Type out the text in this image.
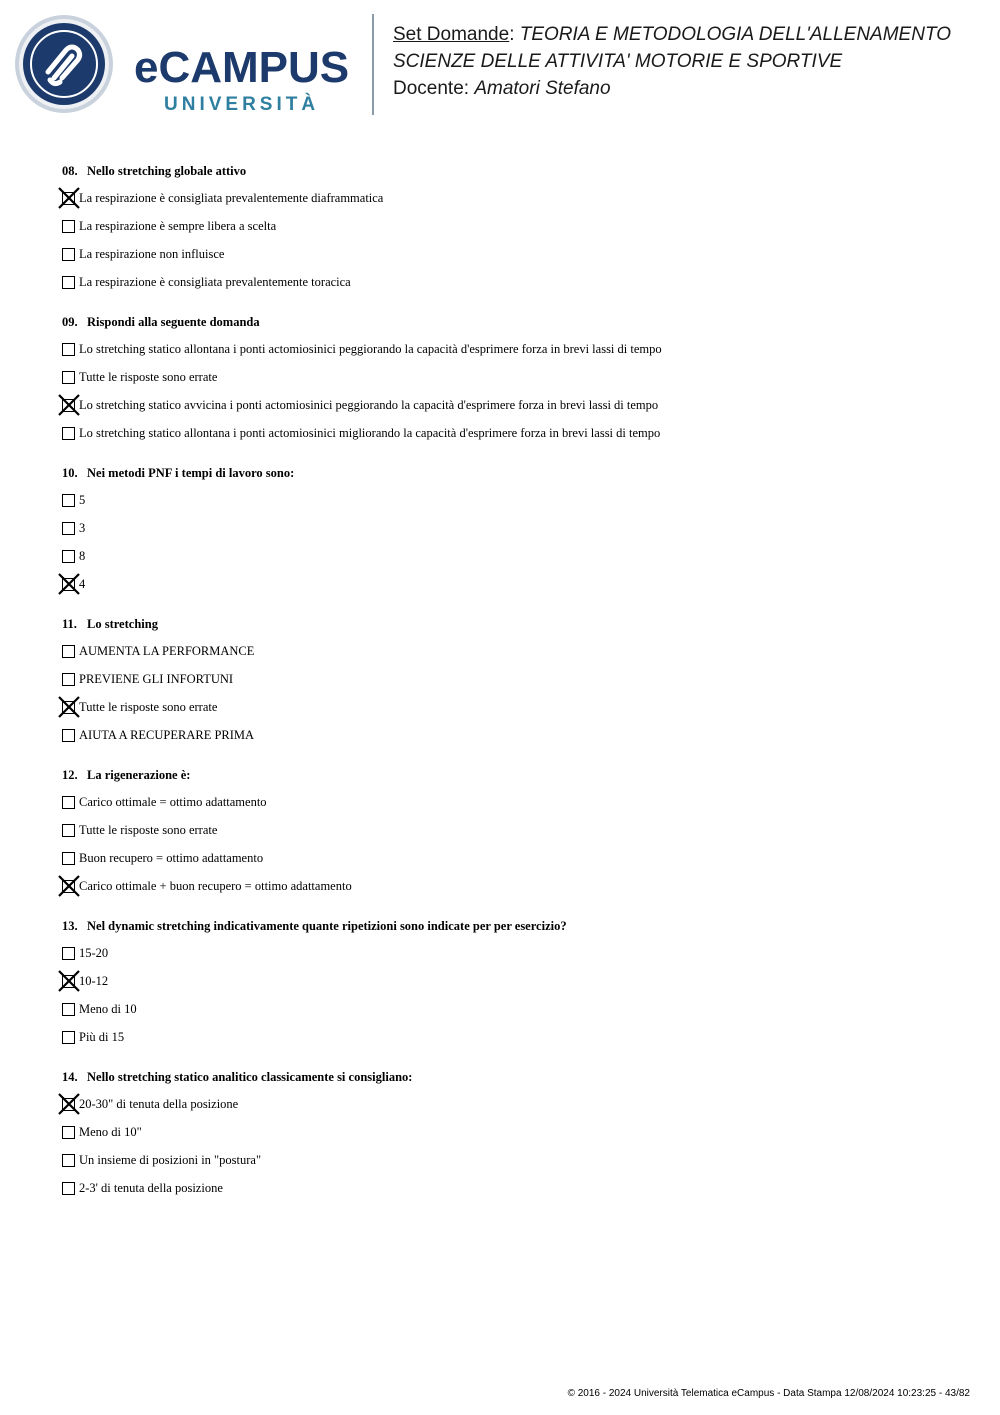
eCAMPUS
UNIVERSITÀ
Set Domande: TEORIA E METODOLOGIA DELL'ALLENAMENTO
SCIENZE DELLE ATTIVITA' MOTORIE E SPORTIVE
Docente: Amatori Stefano
08. Nello stretching globale attivo
La respirazione è consigliata prevalentemente diaframmatica
La respirazione è sempre libera a scelta
La respirazione non influisce
La respirazione è consigliata prevalentemente toracica
09. Rispondi alla seguente domanda
Lo stretching statico allontana i ponti actomiosinici peggiorando la capacità d'esprimere forza in brevi lassi di tempo
Tutte le risposte sono errate
Lo stretching statico avvicina i ponti actomiosinici peggiorando la capacità d'esprimere forza in brevi lassi di tempo
Lo stretching statico allontana i ponti actomiosinici migliorando la capacità d'esprimere forza in brevi lassi di tempo
10. Nei metodi PNF i tempi di lavoro sono:
5
3
8
4
11. Lo stretching
AUMENTA LA PERFORMANCE
PREVIENE GLI INFORTUNI
Tutte le risposte sono errate
AIUTA A RECUPERARE PRIMA
12. La rigenerazione è:
Carico ottimale = ottimo adattamento
Tutte le risposte sono errate
Buon recupero = ottimo adattamento
Carico ottimale + buon recupero = ottimo adattamento
13. Nel dynamic stretching indicativamente quante ripetizioni sono indicate per per esercizio?
15-20
10-12
Meno di 10
Più di 15
14. Nello stretching statico analitico classicamente si consigliano:
20-30" di tenuta della posizione
Meno di 10"
Un insieme di posizioni in "postura"
2-3' di tenuta della posizione
© 2016 - 2024 Università Telematica eCampus - Data Stampa 12/08/2024 10:23:25 - 43/82
